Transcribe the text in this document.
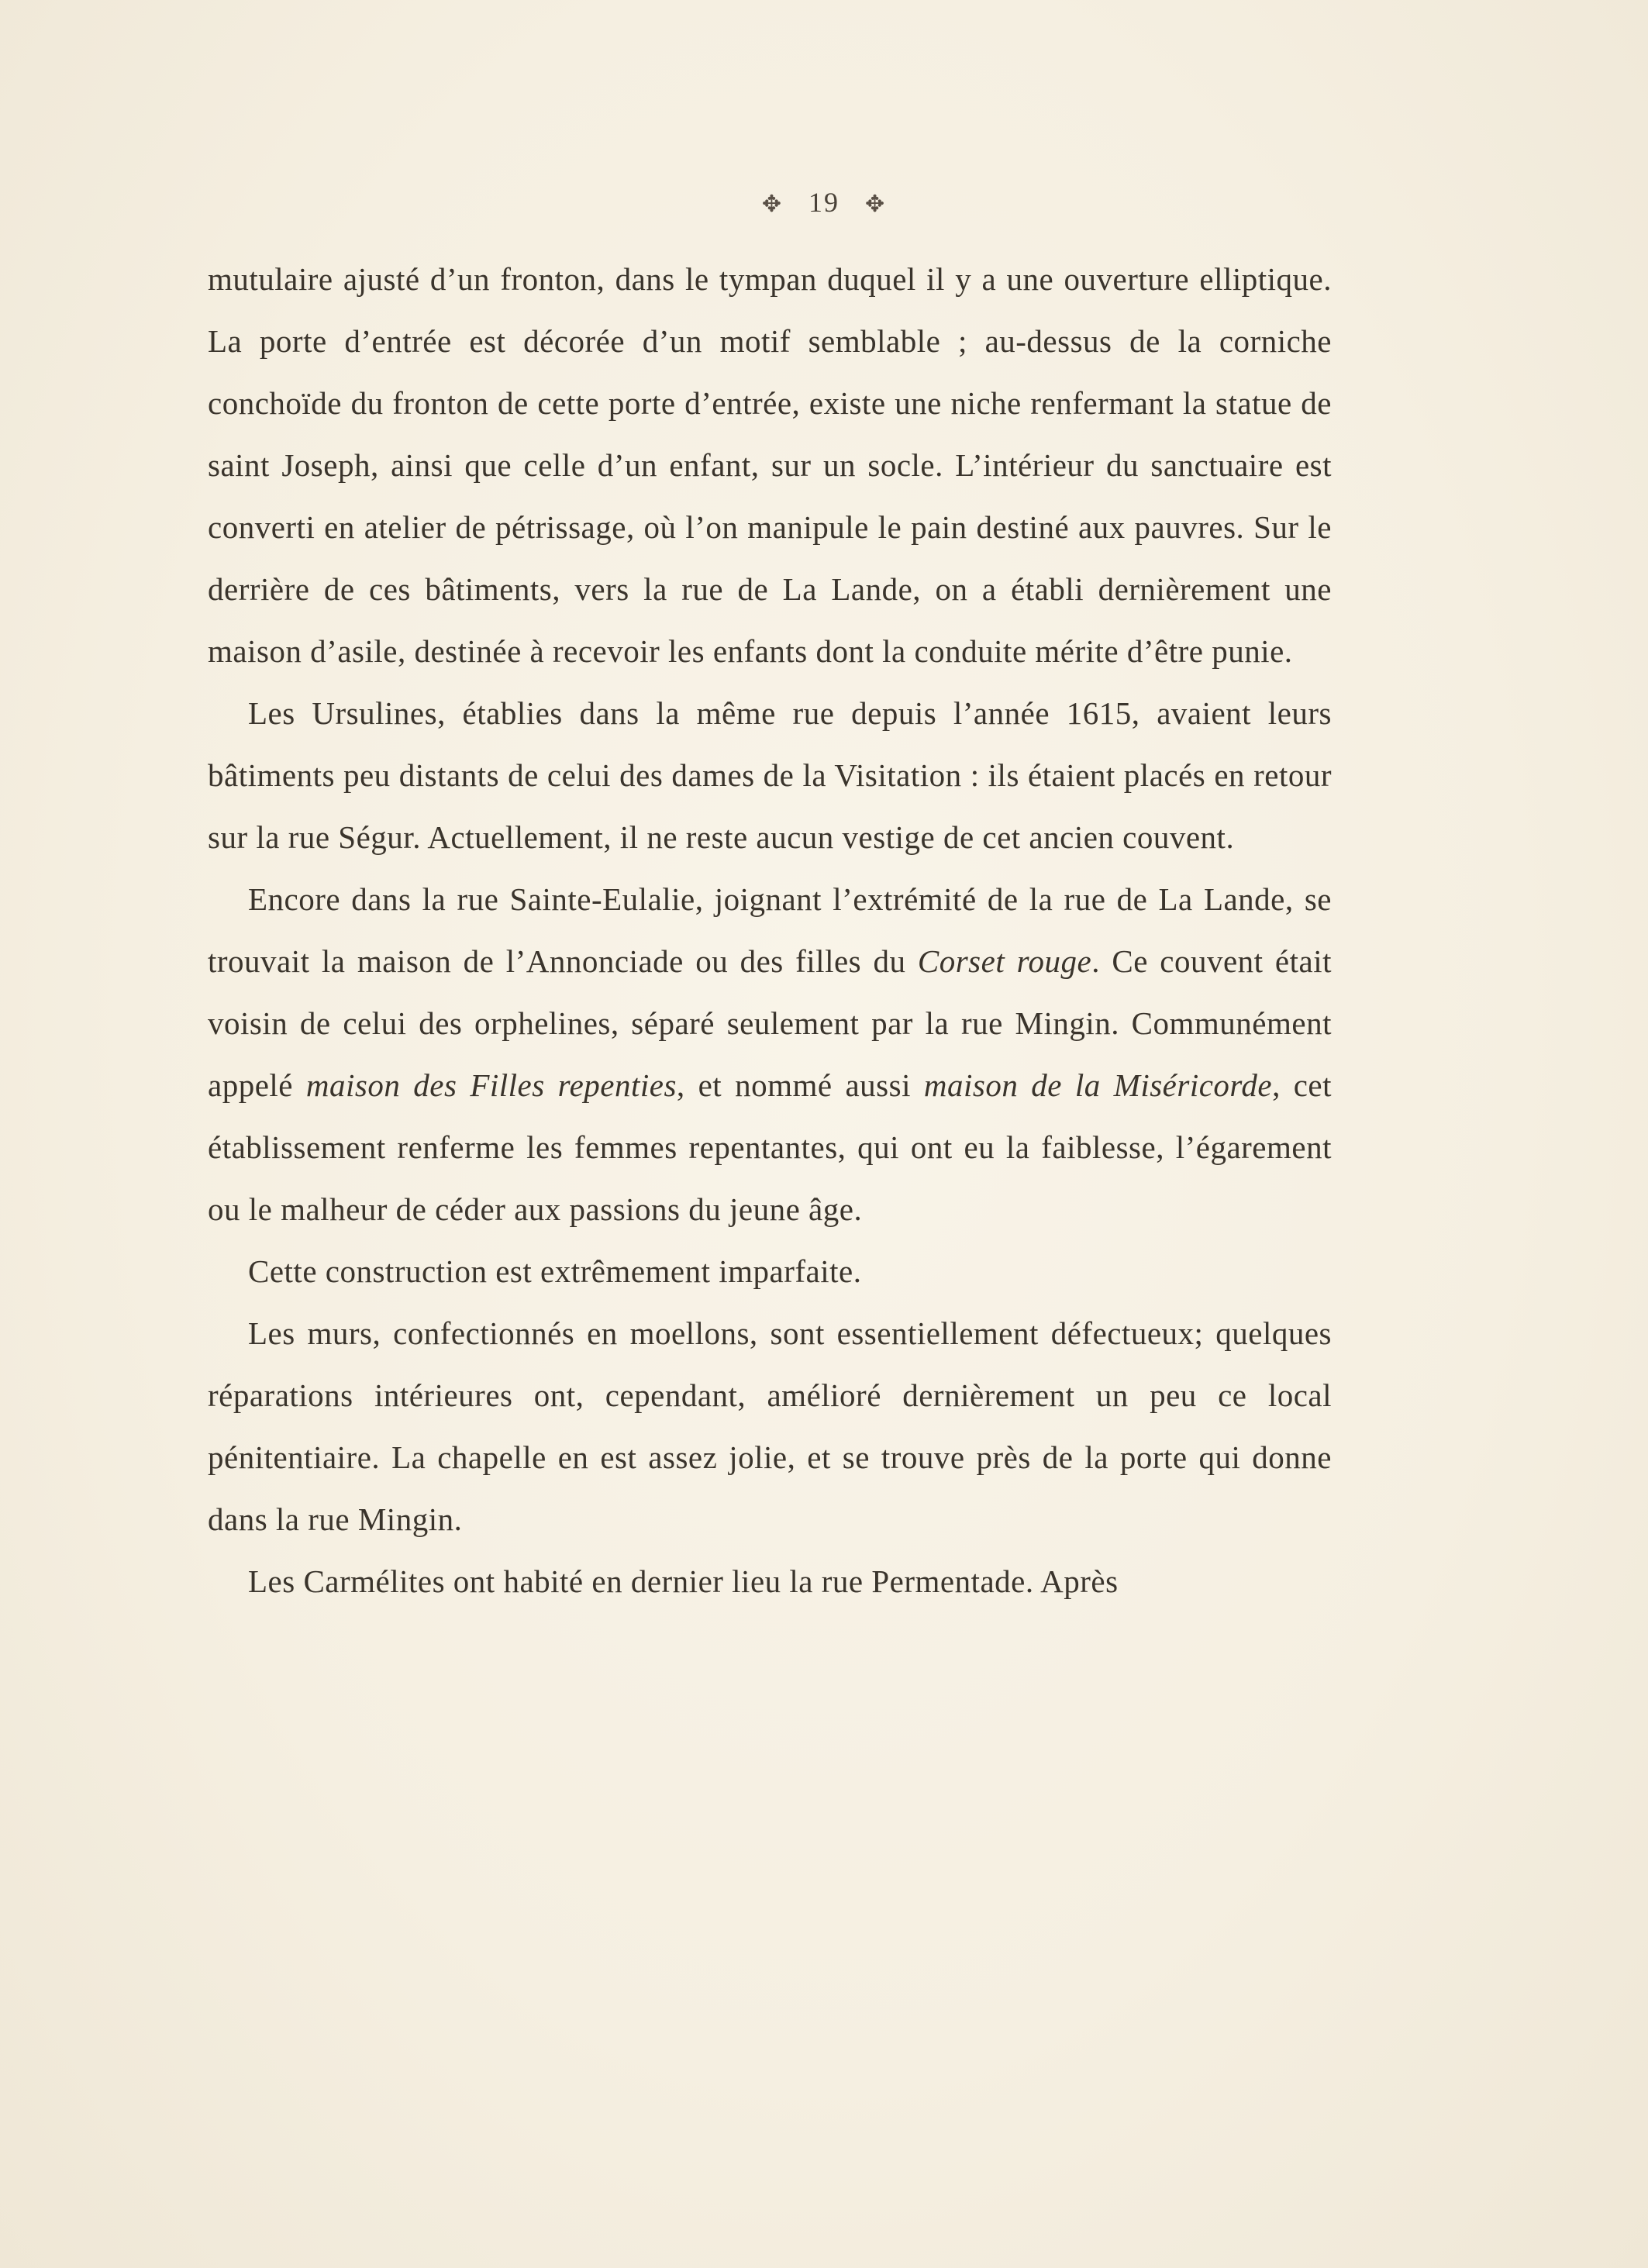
✥ 19 ✥

mutulaire ajusté d’un fronton, dans le tympan duquel il y a une ouverture elliptique. La porte d’entrée est décorée d’un motif semblable ; au-dessus de la corniche conchoïde du fronton de cette porte d’entrée, existe une niche renfermant la statue de saint Joseph, ainsi que celle d’un enfant, sur un socle. L’intérieur du sanctuaire est converti en atelier de pétrissage, où l’on manipule le pain destiné aux pauvres. Sur le derrière de ces bâtiments, vers la rue de La Lande, on a établi dernièrement une maison d’asile, destinée à recevoir les enfants dont la conduite mérite d’être punie.

Les Ursulines, établies dans la même rue depuis l’année 1615, avaient leurs bâtiments peu distants de celui des dames de la Visitation : ils étaient placés en retour sur la rue Ségur. Actuellement, il ne reste aucun vestige de cet ancien couvent.

Encore dans la rue Sainte-Eulalie, joignant l’extrémité de la rue de La Lande, se trouvait la maison de l’Annonciade ou des filles du Corset rouge. Ce couvent était voisin de celui des orphelines, séparé seulement par la rue Mingin. Communément appelé maison des Filles repenties, et nommé aussi maison de la Miséricorde, cet établissement renferme les femmes repentantes, qui ont eu la faiblesse, l’égarement ou le malheur de céder aux passions du jeune âge.

Cette construction est extrêmement imparfaite.

Les murs, confectionnés en moellons, sont essentiellement défectueux; quelques réparations intérieures ont, cependant, amélioré dernièrement un peu ce local pénitentiaire. La chapelle en est assez jolie, et se trouve près de la porte qui donne dans la rue Mingin.

Les Carmélites ont habité en dernier lieu la rue Permentade. Après
